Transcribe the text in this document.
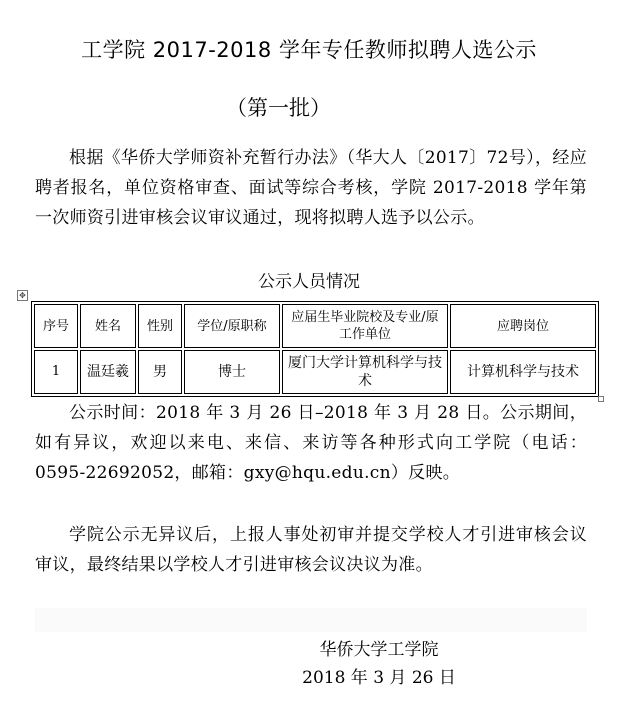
工学院 2017-2018 学年专任教师拟聘人选公示
（第一批）

根据《华侨大学师资补充暂行办法》（华大人〔2017〕72号），经应聘者报名，单位资格审查、面试等综合考核，学院 2017-2018 学年第一次师资引进审核会议审议通过，现将拟聘人选予以公示。

公示人员情况
✥
序号	姓名	性别	学位/原职称	应届生毕业院校及专业/原工作单位	应聘岗位
1	温廷羲	男	博士	厦门大学计算机科学与技术	计算机科学与技术

公示时间：2018 年 3 月 26 日–2018 年 3 月 28 日。公示期间，如有异议，欢迎以来电、来信、来访等各种形式向工学院（电话：0595-22692052，邮箱：gxy@hqu.edu.cn）反映。

学院公示无异议后，上报人事处初审并提交学校人才引进审核会议审议，最终结果以学校人才引进审核会议决议为准。

华侨大学工学院
2018 年 3 月 26 日
